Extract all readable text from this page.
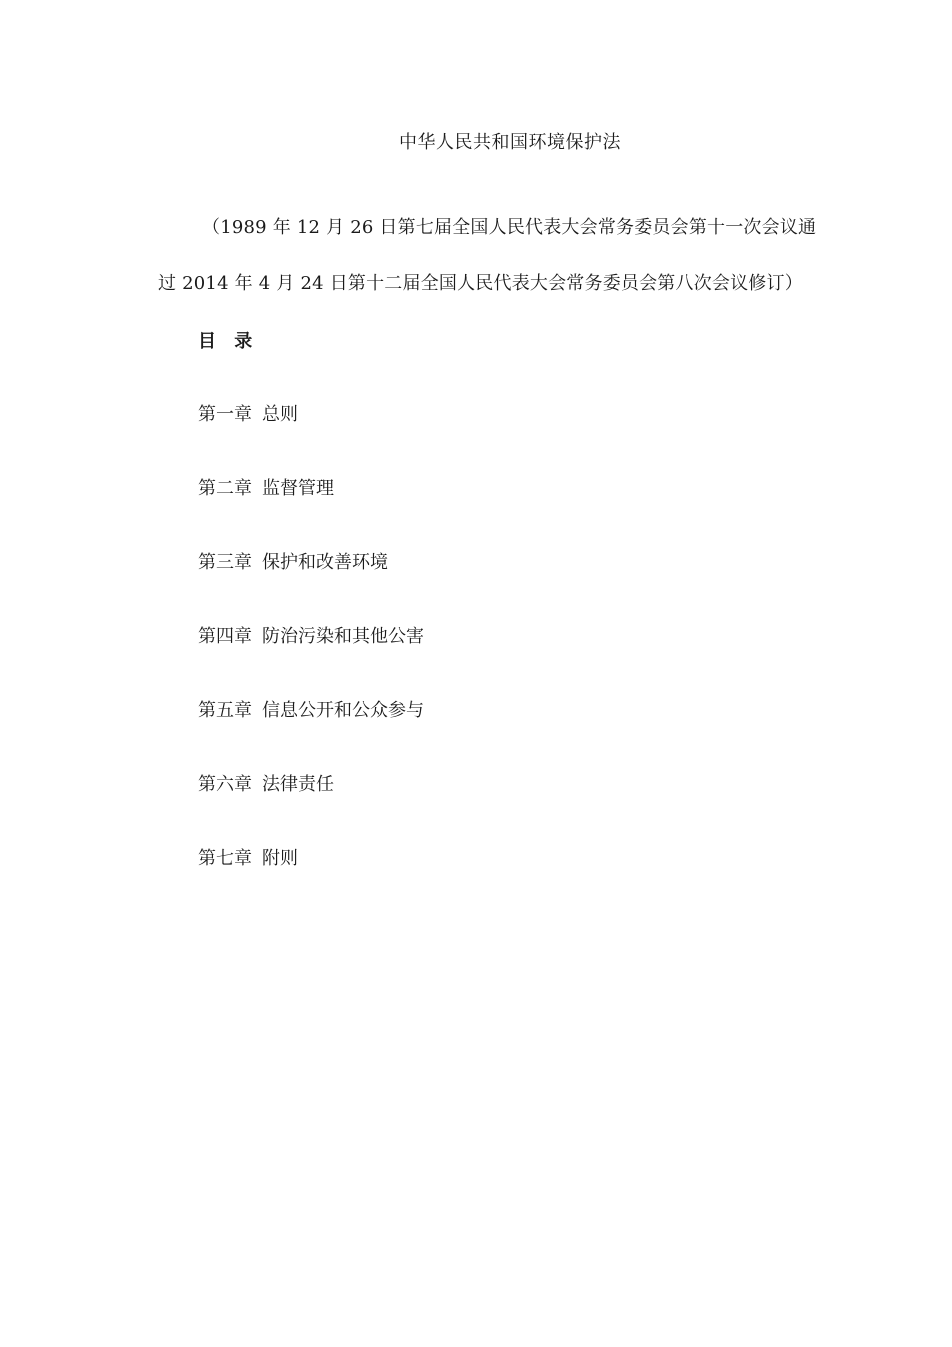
中华人民共和国环境保护法
（1989 年 12 月 26 日第七届全国人民代表大会常务委员会第十一次会议通
过 2014 年 4 月 24 日第十二届全国人民代表大会常务委员会第八次会议修订）
目 录
第一章 总则
第二章 监督管理
第三章 保护和改善环境
第四章 防治污染和其他公害
第五章 信息公开和公众参与
第六章 法律责任
第七章 附则
